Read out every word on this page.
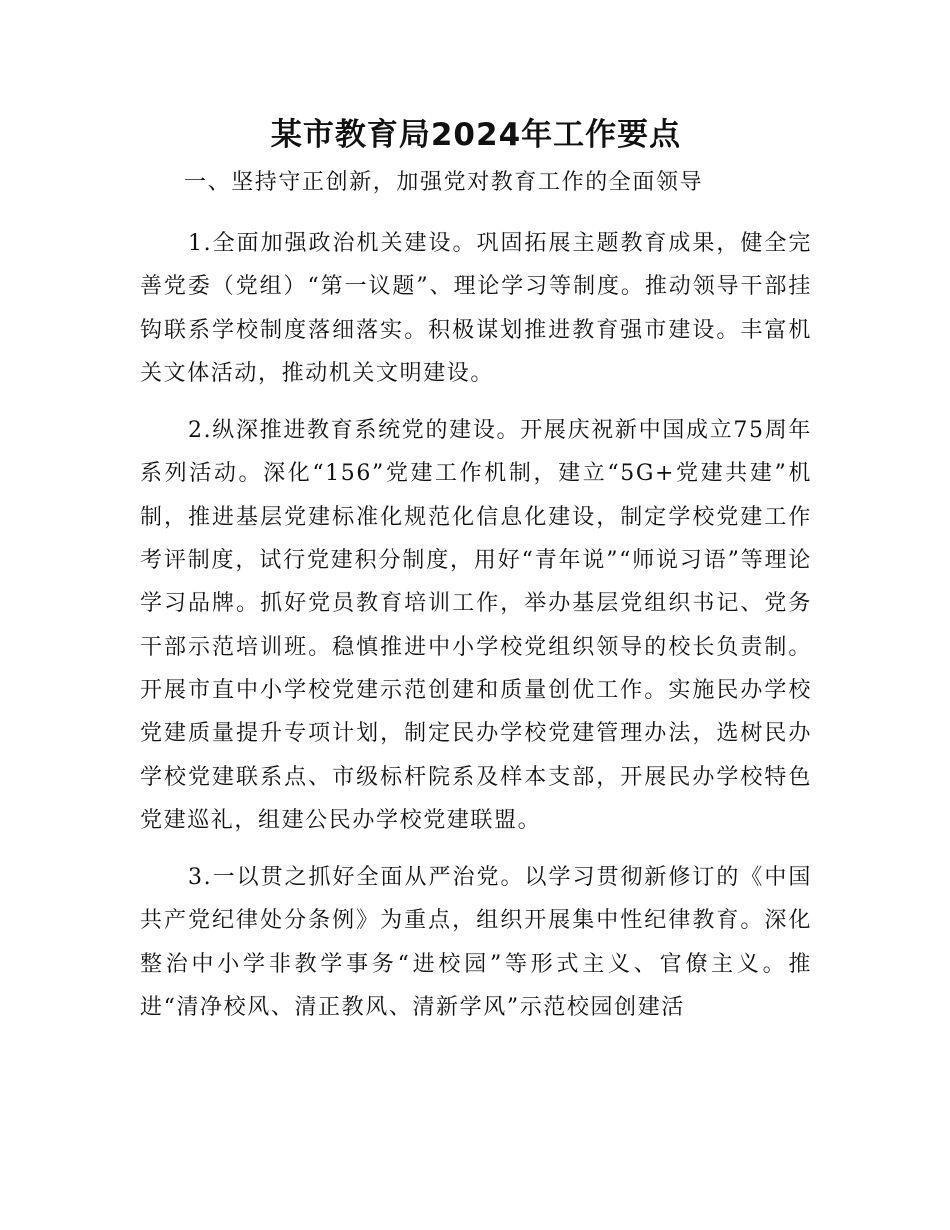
某市教育局2024年工作要点

一、坚持守正创新，加强党对教育工作的全面领导

1.全面加强政治机关建设。巩固拓展主题教育成果，健全完善党委（党组）“第一议题”、理论学习等制度。推动领导干部挂钩联系学校制度落细落实。积极谋划推进教育强市建设。丰富机关文体活动，推动机关文明建设。

2.纵深推进教育系统党的建设。开展庆祝新中国成立75周年系列活动。深化“156”党建工作机制，建立“5G+党建共建”机制，推进基层党建标准化规范化信息化建设，制定学校党建工作考评制度，试行党建积分制度，用好“青年说”“师说习语”等理论学习品牌。抓好党员教育培训工作，举办基层党组织书记、党务干部示范培训班。稳慎推进中小学校党组织领导的校长负责制。开展市直中小学校党建示范创建和质量创优工作。实施民办学校党建质量提升专项计划，制定民办学校党建管理办法，选树民办学校党建联系点、市级标杆院系及样本支部，开展民办学校特色党建巡礼，组建公民办学校党建联盟。

3.一以贯之抓好全面从严治党。以学习贯彻新修订的《中国共产党纪律处分条例》为重点，组织开展集中性纪律教育。深化整治中小学非教学事务“进校园”等形式主义、官僚主义。推进“清净校风、清正教风、清新学风”示范校园创建活
